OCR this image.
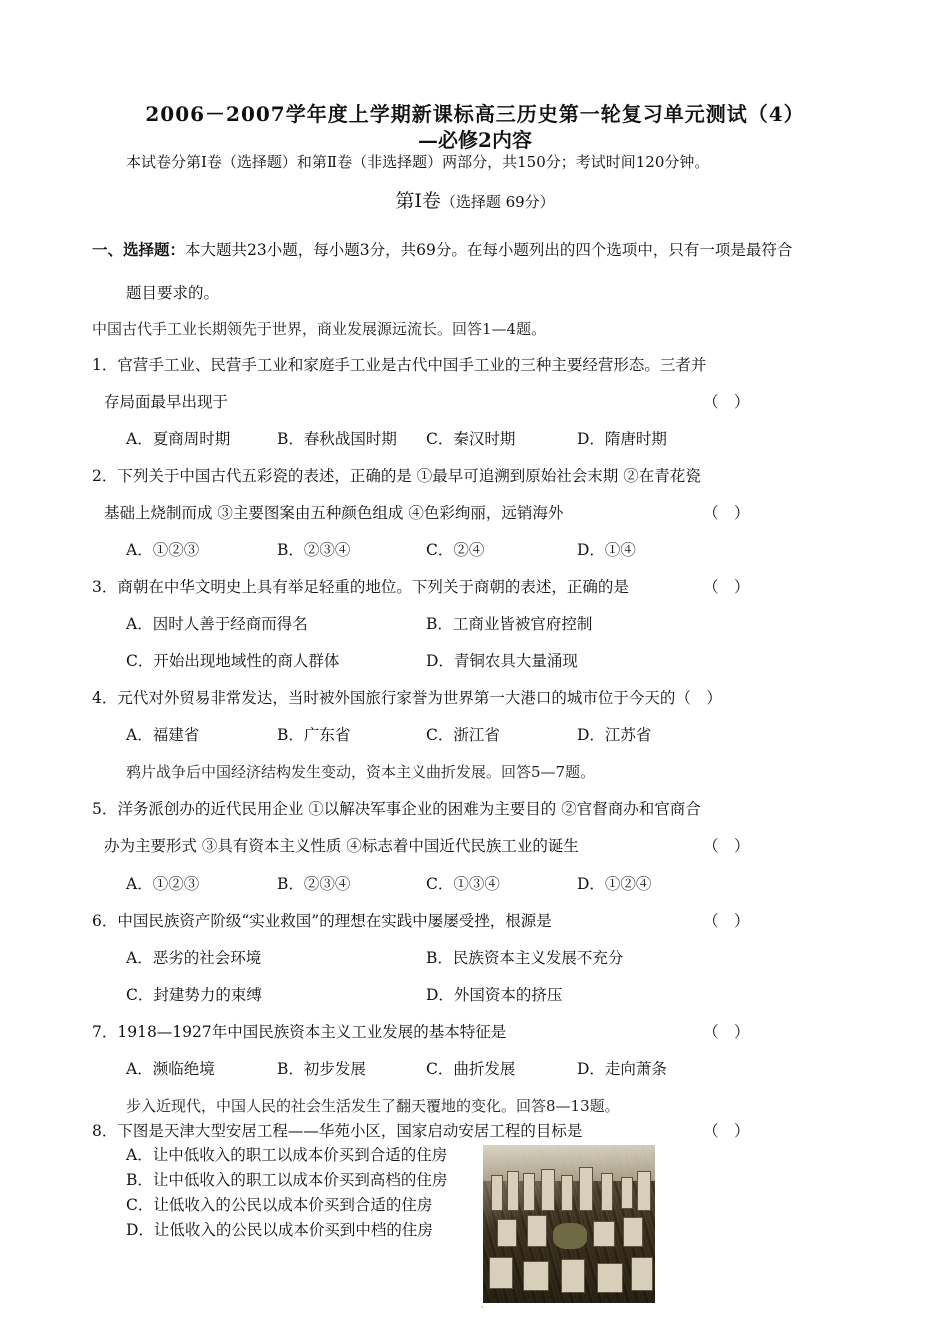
2006－2007学年度上学期新课标高三历史第一轮复习单元测试（4）
—必修2内容
本试卷分第Ⅰ卷（选择题）和第Ⅱ卷（非选择题）两部分，共150分；考试时间120分钟。
第Ⅰ卷（选择题 69分）
一、选择题：本大题共23小题，每小题3分，共69分。在每小题列出的四个选项中，只有一项是最符合
题目要求的。
中国古代手工业长期领先于世界，商业发展源远流长。回答1—4题。
1．官营手工业、民营手工业和家庭手工业是古代中国手工业的三种主要经营形态。三者并
存局面最早出现于	（　）
A．夏商周时期	B．春秋战国时期 C．秦汉时期	D．隋唐时期
2．下列关于中国古代五彩瓷的表述，正确的是 ①最早可追溯到原始社会末期 ②在青花瓷
基础上烧制而成 ③主要图案由五种颜色组成 ④色彩绚丽，远销海外	（　）
A．①②③	B．②③④	C．②④	D．①④
3．商朝在中华文明史上具有举足轻重的地位。下列关于商朝的表述，正确的是	（　）
A．因时人善于经商而得名	B．工商业皆被官府控制
C．开始出现地域性的商人群体	D．青铜农具大量涌现
4．元代对外贸易非常发达，当时被外国旅行家誉为世界第一大港口的城市位于今天的（　）
A．福建省	B．广东省	C．浙江省	D．江苏省
鸦片战争后中国经济结构发生变动，资本主义曲折发展。回答5—7题。
5．洋务派创办的近代民用企业 ①以解决军事企业的困难为主要目的 ②官督商办和官商合
办为主要形式 ③具有资本主义性质 ④标志着中国近代民族工业的诞生	（　）
A．①②③	B．②③④	C．①③④	D．①②④
6．中国民族资产阶级“实业救国”的理想在实践中屡屡受挫，根源是	（　）
A．恶劣的社会环境	B．民族资本主义发展不充分
C．封建势力的束缚	D．外国资本的挤压
7．1918—1927年中国民族资本主义工业发展的基本特征是	（　）
A．濒临绝境	B．初步发展	C．曲折发展	D．走向萧条
步入近现代，中国人民的社会生活发生了翻天覆地的变化。回答8—13题。
8．下图是天津大型安居工程——华苑小区，国家启动安居工程的目标是	（　）
A．让中低收入的职工以成本价买到合适的住房
B．让中低收入的职工以成本价买到高档的住房
C．让低收入的公民以成本价买到合适的住房
D．让低收入的公民以成本价买到中档的住房
·
